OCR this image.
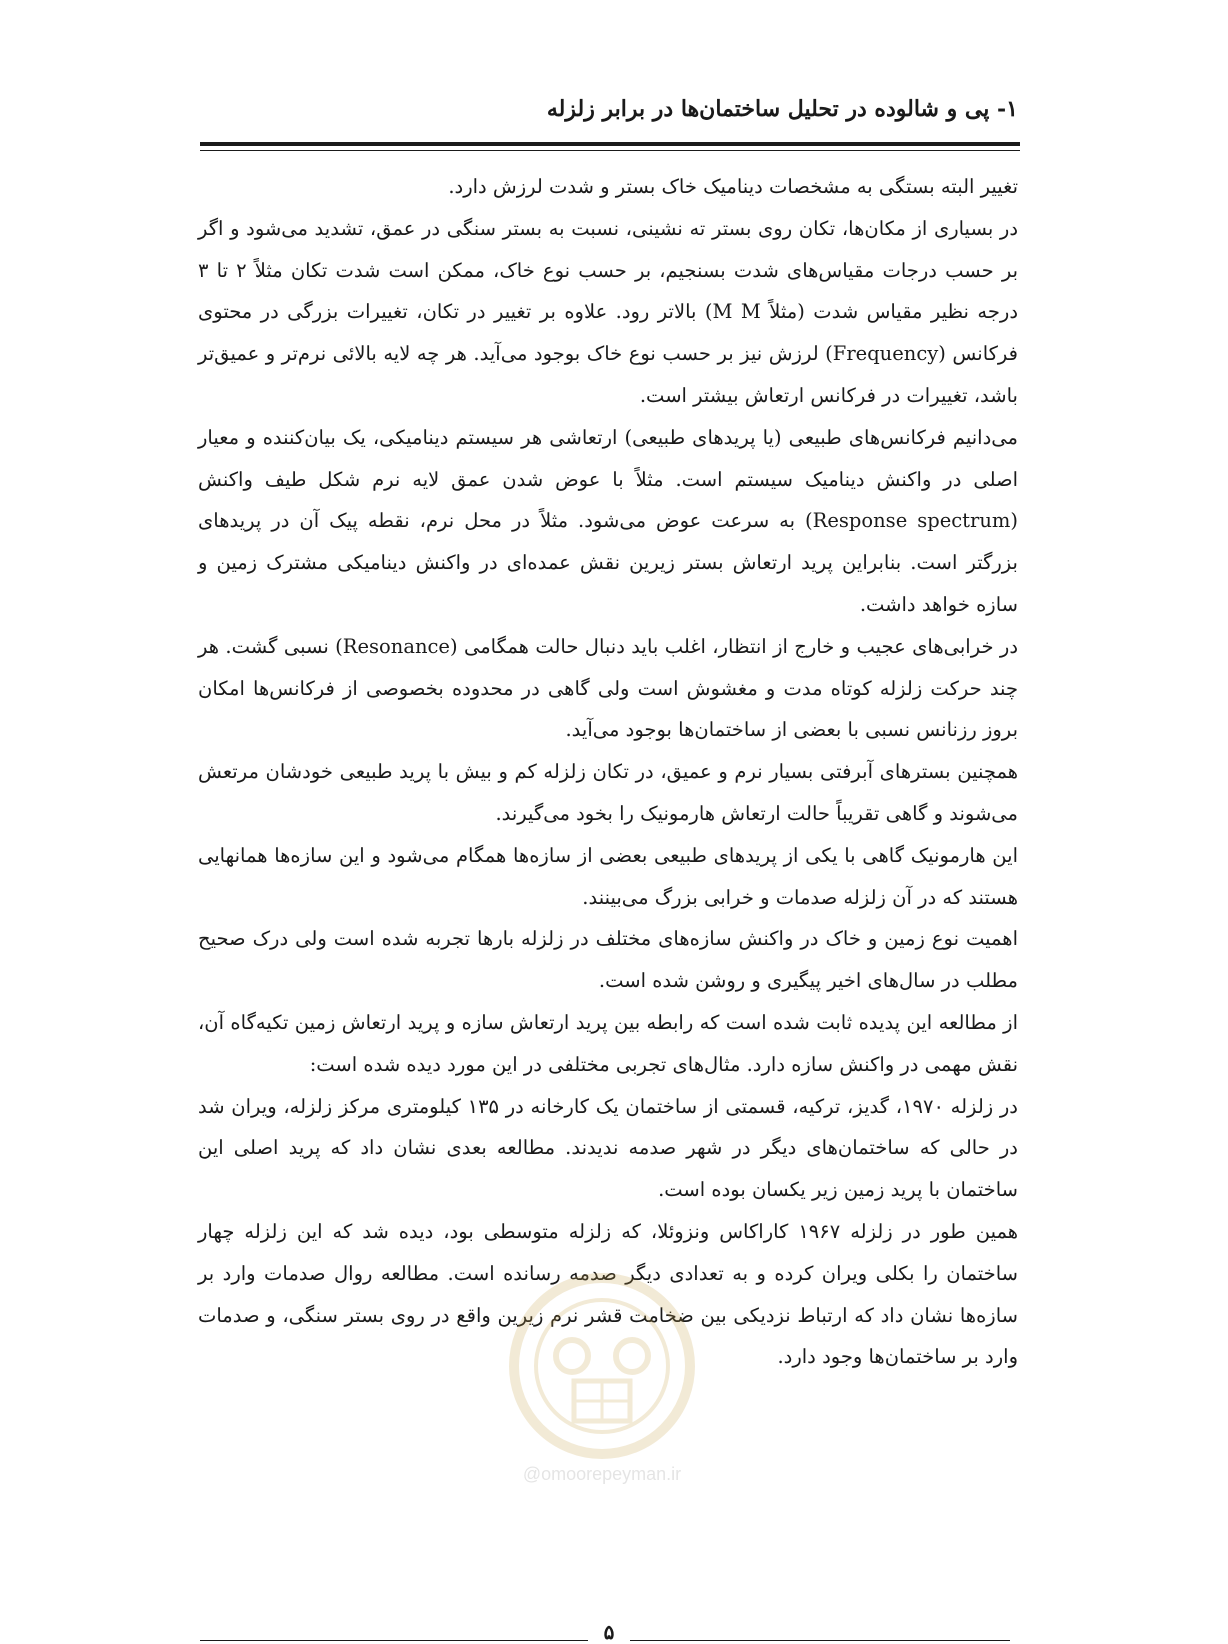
۱- پی و شالوده در تحلیل ساختمان‌ها در برابر زلزله

تغییر البته بستگی به مشخصات دینامیک خاک بستر و شدت لرزش دارد.

در بسیاری از مکان‌ها، تکان روی بستر ته نشینی، نسبت به بستر سنگی در عمق، تشدید می‌شود و اگر بر حسب درجات مقیاس‌های شدت بسنجیم، بر حسب نوع خاک، ممکن است شدت تکان مثلاً ۲ تا ۳ درجه نظیر مقیاس شدت (مثلاً M M) بالاتر رود. علاوه بر تغییر در تکان، تغییرات بزرگی در محتوی فرکانس (Frequency) لرزش نیز بر حسب نوع خاک بوجود می‌آید. هر چه لایه بالائی نرم‌تر و عمیق‌تر باشد، تغییرات در فرکانس ارتعاش بیشتر است.

می‌دانیم فرکانس‌های طبیعی (یا پریدهای طبیعی) ارتعاشی هر سیستم دینامیکی، یک بیان‌کننده و معیار اصلی در واکنش دینامیک سیستم است. مثلاً با عوض شدن عمق لایه نرم شکل طیف واکنش (Response spectrum) به سرعت عوض می‌شود. مثلاً در محل نرم، نقطه پیک آن در پریدهای بزرگتر است. بنابراین پرید ارتعاش بستر زیرین نقش عمده‌ای در واکنش دینامیکی مشترک زمین و سازه خواهد داشت.

در خرابی‌های عجیب و خارج از انتظار، اغلب باید دنبال حالت همگامی (Resonance) نسبی گشت. هر چند حرکت زلزله کوتاه مدت و مغشوش است ولی گاهی در محدوده بخصوصی از فرکانس‌ها امکان بروز رزنانس نسبی با بعضی از ساختمان‌ها بوجود می‌آید.

همچنین بسترهای آبرفتی بسیار نرم و عمیق، در تکان زلزله کم و بیش با پرید طبیعی خودشان مرتعش می‌شوند و گاهی تقریباً حالت ارتعاش هارمونیک را بخود می‌گیرند.

این هارمونیک گاهی با یکی از پریدهای طبیعی بعضی از سازه‌ها همگام می‌شود و این سازه‌ها همانهایی هستند که در آن زلزله صدمات و خرابی بزرگ می‌بینند.

اهمیت نوع زمین و خاک در واکنش سازه‌های مختلف در زلزله بارها تجربه شده است ولی درک صحیح مطلب در سال‌های اخیر پیگیری و روشن شده است.

از مطالعه این پدیده ثابت شده است که رابطه بین پرید ارتعاش سازه و پرید ارتعاش زمین تکیه‌گاه آن، نقش مهمی در واکنش سازه دارد. مثال‌های تجربی مختلفی در این مورد دیده شده است:

در زلزله ۱۹۷۰، گدیز، ترکیه، قسمتی از ساختمان یک کارخانه در ۱۳۵ کیلومتری مرکز زلزله، ویران شد در حالی که ساختمان‌های دیگر در شهر صدمه ندیدند. مطالعه بعدی نشان داد که پرید اصلی این ساختمان با پرید زمین زیر یکسان بوده است.

همین طور در زلزله ۱۹۶۷ کاراکاس ونزوئلا، که زلزله متوسطی بود، دیده شد که این زلزله چهار ساختمان را بکلی ویران کرده و به تعدادی دیگر صدمه رسانده است. مطالعه روال صدمات وارد بر سازه‌ها نشان داد که ارتباط نزدیکی بین ضخامت قشر نرم زیرین واقع در روی بستر سنگی، و صدمات وارد بر ساختمان‌ها وجود دارد.

@omoorepeyman.ir
۵
